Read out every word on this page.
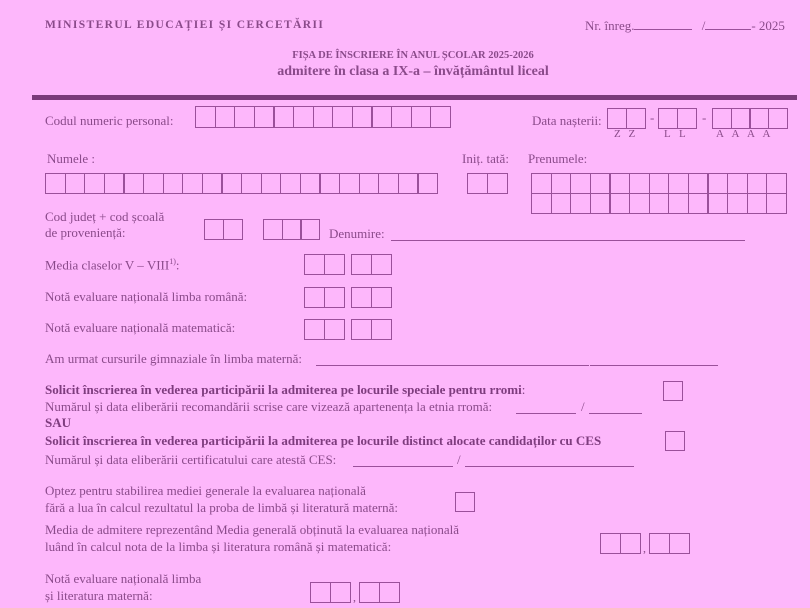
MINISTERUL EDUCAȚIEI ȘI CERCETĂRII	Nr. înreg.	/	- 2025
FIȘA DE ÎNSCRIERE ÎN ANUL ȘCOLAR 2025-2026
admitere în clasa a IX-a – învățământul liceal
Codul numeric personal:	Data nașterii:	-	-
Z Z	L L	A A A A
Numele :	Iniț. tată: Prenumele:
Cod județ + cod școală
de proveniență:	Denumire:
Media claselor V – VIII$^{1)}$:
Notă evaluare națională limba română:
Notă evaluare națională matematică:
Am urmat cursurile gimnaziale în limba maternă:
Solicit înscrierea în vederea participării la admiterea pe locurile speciale pentru rromi:
Numărul și data eliberării recomandării scrise care vizează apartenența la etnia rromă:	/
SAU
Solicit înscrierea în vederea participării la admiterea pe locurile distinct alocate candidaților cu CES
Numărul și data eliberării certificatului care atestă CES:	/
Optez pentru stabilirea mediei generale la evaluarea națională
fără a lua în calcul rezultatul la proba de limbă și literatură maternă:
Media de admitere reprezentând Media generală obținută la evaluarea națională
luând în calcul nota de la limba și literatura română și matematică:	,
Notă evaluare națională limba
și literatura maternă:	,
